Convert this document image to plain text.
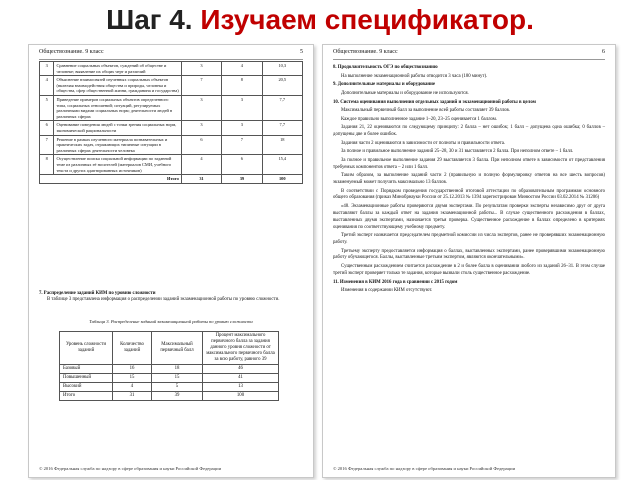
Шаг 4. Изучаем спецификатор.
Обществознание. 9 класс	5
3	Сравнение социальных объектов, суждений об обществе и человеке; выявление их общих черт и различий	3	4	10,3
4	Объяснение взаимосвязей изученных социальных объектов (включая взаимодействия общества и природы, человека и общества, сфер общественной жизни, гражданина и государства)	7	8	20,5
5	Приведение примеров социальных объектов определенного типа, социальных отношений; ситуаций, регулируемых различными видами социальных норм; деятельности людей в различных сферах	3	3	7,7
6	Оценивание поведения людей с точки зрения социальных норм, экономической рациональности	3	3	7,7
7	Решение в рамках изученного материала познавательных и практических задач, отражающих типичные ситуации в различных сферах деятельности человека	6	7	18
8	Осуществление поиска социальной информации по заданной теме из различных её носителей (материалов СМИ, учебного текста и других адаптированных источников)	4	6	15,4
Итого		31	39	100
7. Распределение заданий КИМ по уровню сложности
В таблице 3 представлена информация о распределении заданий экзаменационной работы по уровню сложности.
Таблица 3. Распределение заданий экзаменационной работы по уровню сложности
Уровень сложности заданий	Количество заданий	Максимальный первичный балл	Процент максимального первичного балла за задания данного уровня сложности от максимального первичного балла за всю работу, равного 39
Базовый	16	18	46
Повышенный	15	15	41
Высокий	4	5	13
Итого	31	39	100
© 2016 Федеральная служба по надзору в сфере образования и науки Российской Федерации
Обществознание. 9 класс	6

8. Продолжительность ОГЭ по обществознанию

На выполнение экзаменационной работы отводится 3 часа (180 минут).

9. Дополнительные материалы и оборудование

Дополнительные материалы и оборудование не используются.

10. Система оценивания выполнения отдельных заданий и экзаменационной работы в целом

Максимальный первичный балл за выполнение всей работы составляет 39 баллов.

Каждое правильно выполненное задание 1–20, 23–25 оценивается 1 баллом.

Задания 21, 22 оцениваются по следующему принципу: 2 балла – нет ошибок; 1 балл – допущена одна ошибка; 0 баллов – допущены две и более ошибок.

Задания части 2 оцениваются в зависимости от полноты и правильности ответа.

За полное и правильное выполнение заданий 25–28, 30 и 31 выставляется 2 балла. При неполном ответе – 1 балл.

За полное и правильное выполнение задания 29 выставляется 3 балла. При неполном ответе в зависимости от представления требуемых компонентов ответа – 2 или 1 балл.

Таким образом, за выполнение заданий части 2 (правильную и полную формулировку ответов на все шесть вопросов) экзаменуемый может получить максимально 13 баллов.

В соответствии с Порядком проведения государственной итоговой аттестации по образовательным программам основного общего образования (приказ Минобрнауки России от 25.12.2013 № 1394 зарегистрирован Минюстом России 03.02.2014 № 31206)

«48. Экзаменационные работы проверяются двумя экспертами. По результатам проверки эксперты независимо друг от друга выставляют баллы за каждый ответ на задания экзаменационной работы... В случае существенного расхождения в баллах, выставленных двумя экспертами, назначается третья проверка. Существенное расхождение в баллах определено в критериях оценивания по соответствующему учебному предмету.

Третий эксперт назначается председателем предметной комиссии из числа экспертов, ранее не проверявших экзаменационную работу.

Третьему эксперту предоставляется информация о баллах, выставленных экспертами, ранее проверявшими экзаменационную работу обучающегося. Баллы, выставленные третьим экспертом, являются окончательными».

Существенным расхождением считается расхождение в 2 и более балла в оценивании любого из заданий 26–31. В этом случае третий эксперт проверяет только те задания, которые вызвали столь существенное расхождение.

11. Изменения в КИМ 2016 года в сравнении с 2015 годом

Изменения в содержании КИМ отсутствуют.

© 2016 Федеральная служба по надзору в сфере образования и науки Российской Федерации
